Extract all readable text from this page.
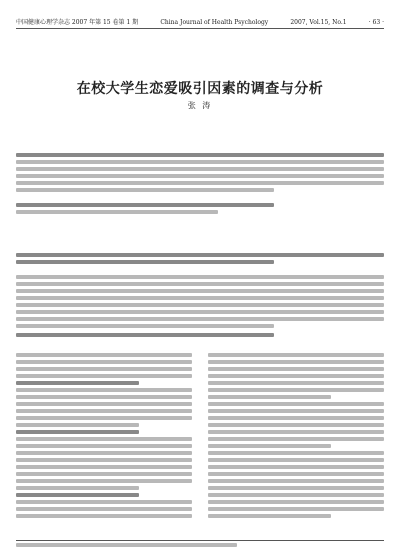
中国健康心理学杂志 2007 年第 15 卷第 1 期	China Journal of Health Psychology	2007, Vol.15, No.1	· 63 ·
在校大学生恋爱吸引因素的调查与分析
张 涛
